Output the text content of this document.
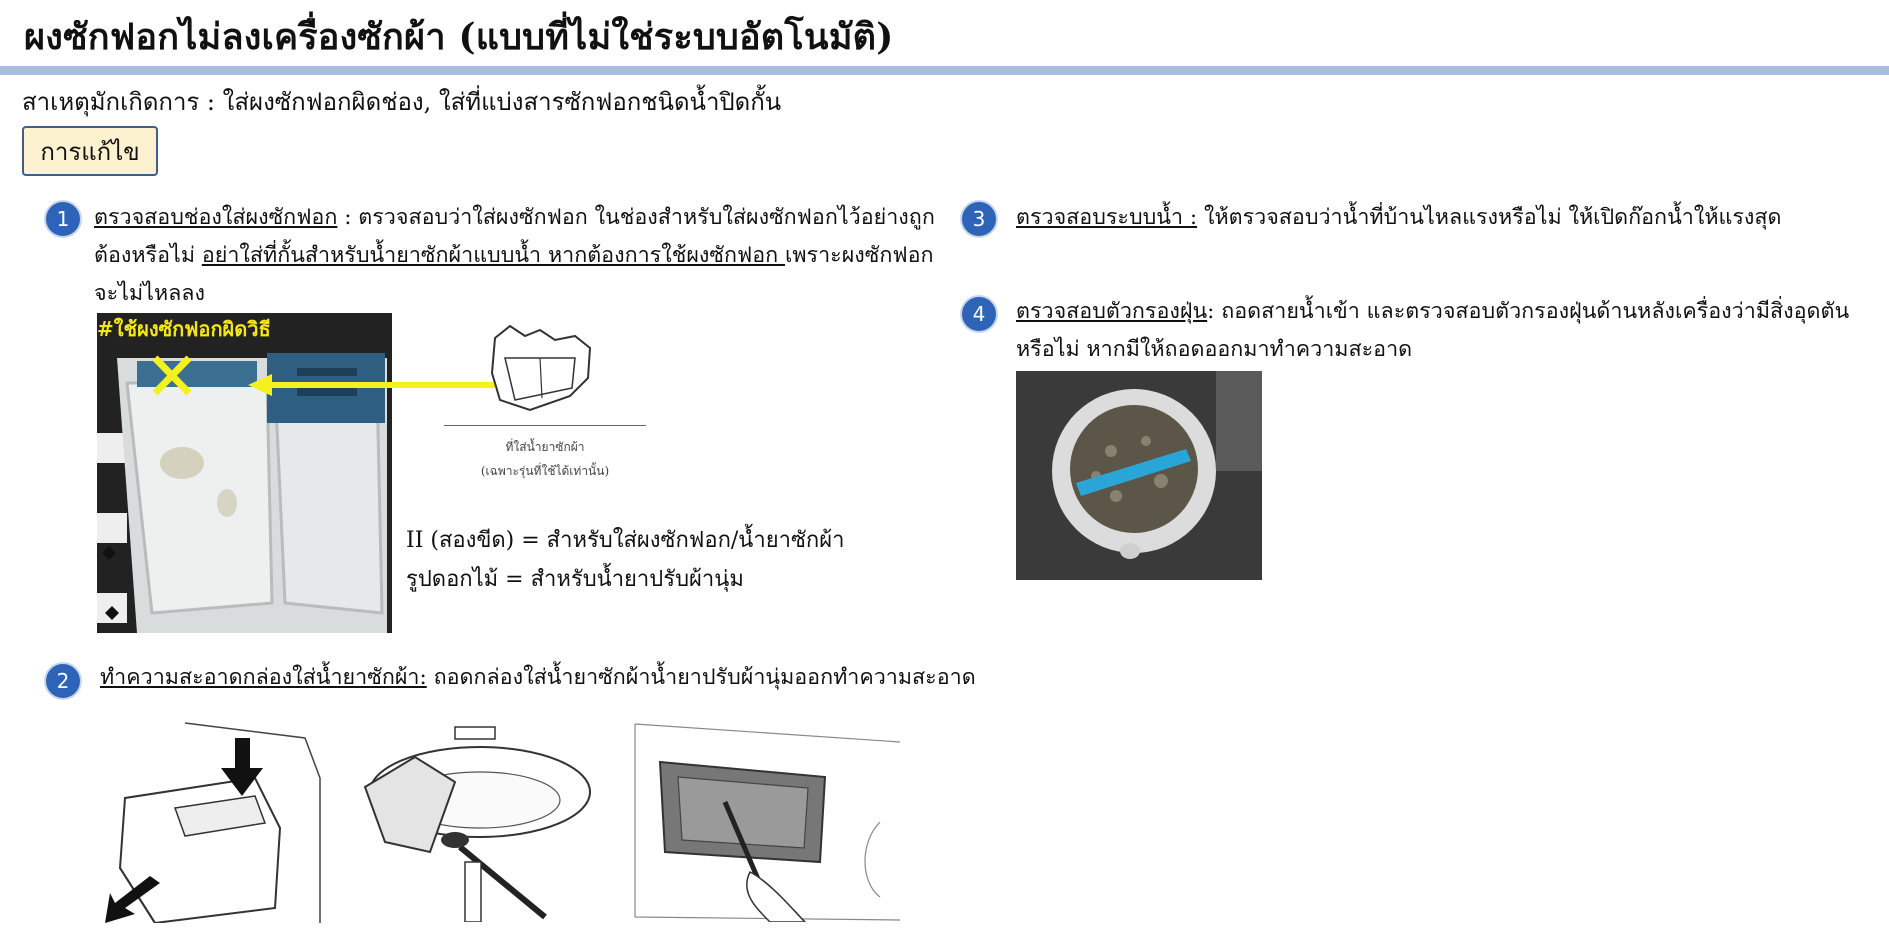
ผงซักฟอกไม่ลงเครื่องซักผ้า (แบบที่ไม่ใช่ระบบอัตโนมัติ)
สาเหตุมักเกิดการ : ใส่ผงซักฟอกผิดช่อง, ใส่ที่แบ่งสารซักฟอกชนิดน้ำปิดกั้น
การแก้ไข
1 ตรวจสอบช่องใส่ผงซักฟอก : ตรวจสอบว่าใส่ผงซักฟอก ในช่องสำหรับใส่ผงซักฟอกไว้อย่างถูกต้องหรือไม่ อย่าใส่ที่กั้นสำหรับน้ำยาซักผ้าแบบน้ำ หากต้องการใช้ผงซักฟอก เพราะผงซักฟอกจะไม่ไหลลง
#ใช้ผงซักฟอกผิดวิธี
ที่ใส่น้ำยาซักผ้า
(เฉพาะรุ่นที่ใช้ได้เท่านั้น)
II (สองขีด) = สำหรับใส่ผงซักฟอก/น้ำยาซักผ้า
รูปดอกไม้ = สำหรับน้ำยาปรับผ้านุ่ม
2 ทำความสะอาดกล่องใส่น้ำยาซักผ้า: ถอดกล่องใส่น้ำยาซักผ้าน้ำยาปรับผ้านุ่มออกทำความสะอาด
3 ตรวจสอบระบบน้ำ : ให้ตรวจสอบว่าน้ำที่บ้านไหลแรงหรือไม่ ให้เปิดก๊อกน้ำให้แรงสุด
4 ตรวจสอบตัวกรองฝุ่น: ถอดสายน้ำเข้า และตรวจสอบตัวกรองฝุ่นด้านหลังเครื่องว่ามีสิ่งอุดตันหรือไม่ หากมีให้ถอดออกมาทำความสะอาด
